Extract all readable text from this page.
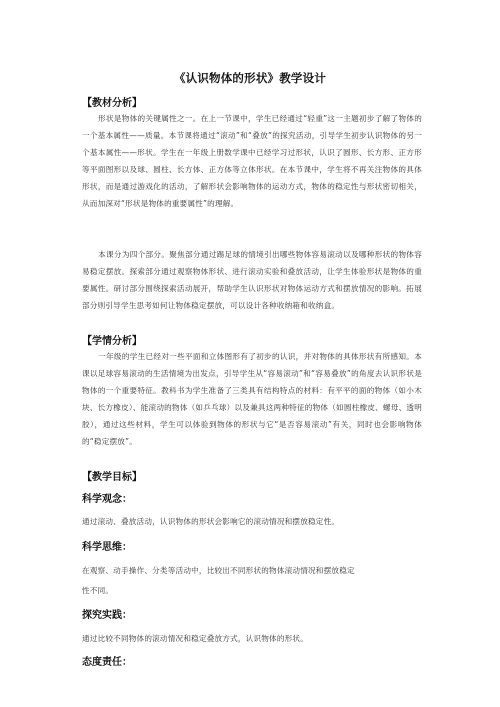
《认识物体的形状》教学设计
【教材分析】
形状是物体的关键属性之一。在上一节课中，学生已经通过“轻重”这一主题初步了解了物体的一个基本属性——质量。本节课将通过“滚动”和“叠放”的探究活动，引导学生初步认识物体的另一个基本属性——形状。学生在一年级上册数学课中已经学习过形状，认识了圆形、长方形、正方形等平面图形以及球、圆柱、长方体、正方体等立体形状。在本节课中，学生将不再关注物体的具体形状，而是通过游戏化的活动，了解形状会影响物体的运动方式，物体的稳定性与形状密切相关，从而加深对“形状是物体的重要属性”的理解。
本课分为四个部分。聚焦部分通过踢足球的情境引出哪些物体容易滚动以及哪种形状的物体容易稳定摆放。探索部分通过观察物体形状、进行滚动实验和叠放活动，让学生体验形状是物体的重要属性。研讨部分围绕探索活动展开，帮助学生认识形状对物体运动方式和摆放情况的影响。拓展部分则引导学生思考如何让物体稳定摆放，可以设计各种收纳箱和收纳盒。
【学情分析】
一年级的学生已经对一些平面和立体图形有了初步的认识，并对物体的具体形状有所感知。本课以足球容易滚动的生活情境为出发点，引导学生从“容易滚动”和“容易叠放”的角度去认识形状是物体的一个重要特征。教科书为学生准备了三类具有结构特点的材料：有平平的面的物体（如小木块、长方橡皮）、能滚动的物体（如乒乓球）以及兼具这两种特征的物体（如圆柱橡皮、螺母、透明胶），通过这些材料，学生可以体验到物体的形状与它“是否容易滚动”有关，同时也会影响物体的“稳定摆放”。
【教学目标】
科学观念：
通过滚动、叠放活动，认识物体的形状会影响它的滚动情况和摆放稳定性。
科学思维：
在观察、动手操作、分类等活动中，比较出不同形状的物体滚动情况和摆放稳定
性不同。
探究实践：
通过比较不同物体的滚动情况和稳定叠放方式，认识物体的形状。
态度责任：
